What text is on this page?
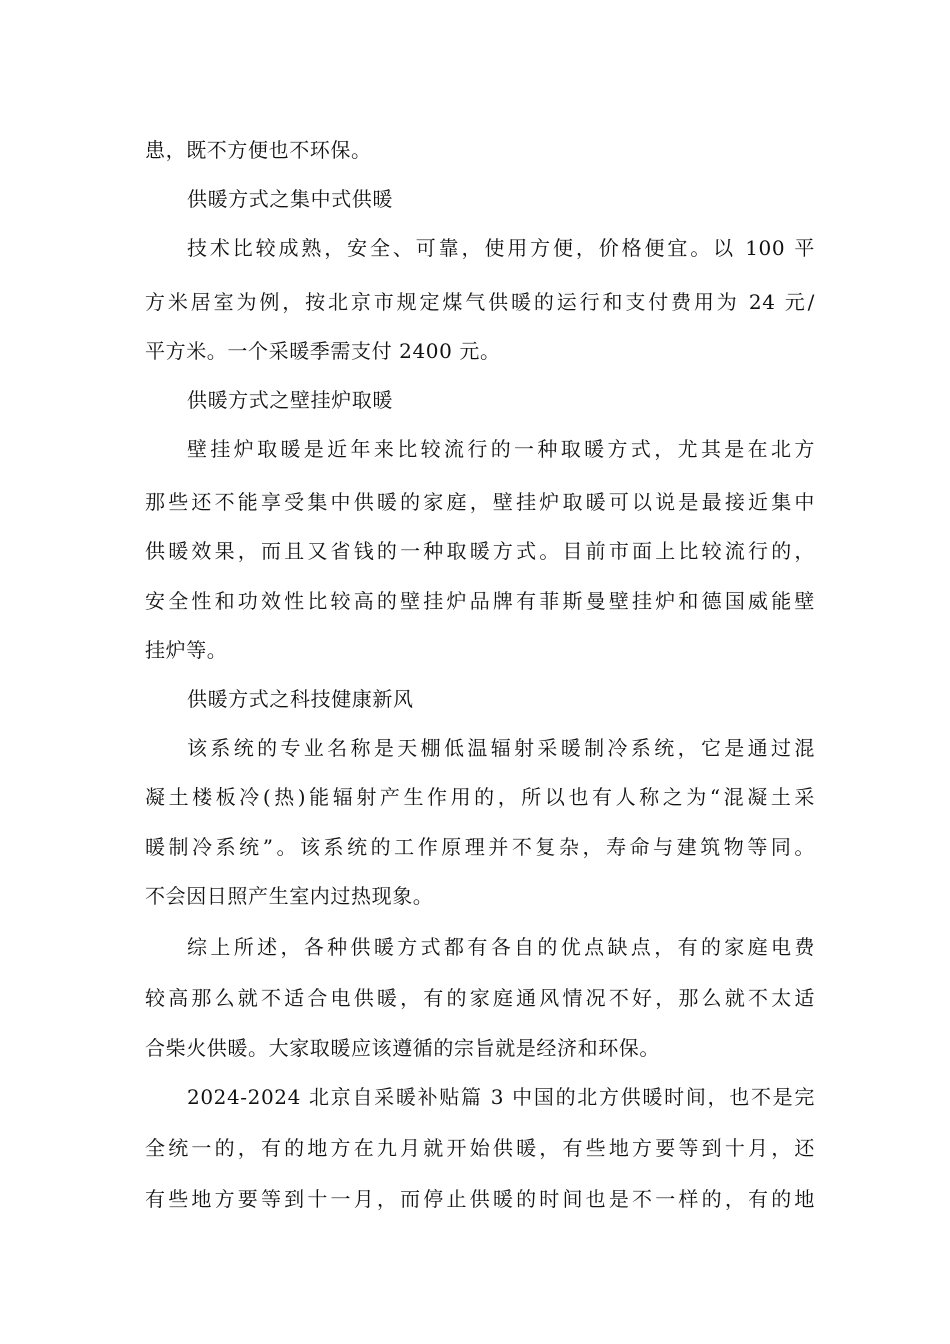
患，既不方便也不环保。
供暖方式之集中式供暖
技术比较成熟，安全、可靠，使用方便，价格便宜。以 100 平
方米居室为例，按北京市规定煤气供暖的运行和支付费用为 24 元/
平方米。一个采暖季需支付 2400 元。
供暖方式之壁挂炉取暖
壁挂炉取暖是近年来比较流行的一种取暖方式，尤其是在北方
那些还不能享受集中供暖的家庭，壁挂炉取暖可以说是最接近集中
供暖效果，而且又省钱的一种取暖方式。目前市面上比较流行的，
安全性和功效性比较高的壁挂炉品牌有菲斯曼壁挂炉和德国威能壁
挂炉等。
供暖方式之科技健康新风
该系统的专业名称是天棚低温辐射采暖制冷系统，它是通过混
凝土楼板冷(热)能辐射产生作用的，所以也有人称之为“混凝土采
暖制冷系统”。该系统的工作原理并不复杂，寿命与建筑物等同。
不会因日照产生室内过热现象。
综上所述，各种供暖方式都有各自的优点缺点，有的家庭电费
较高那么就不适合电供暖，有的家庭通风情况不好，那么就不太适
合柴火供暖。大家取暖应该遵循的宗旨就是经济和环保。
2024-2024 北京自采暖补贴篇 3 中国的北方供暖时间，也不是完
全统一的，有的地方在九月就开始供暖，有些地方要等到十月，还
有些地方要等到十一月，而停止供暖的时间也是不一样的，有的地
